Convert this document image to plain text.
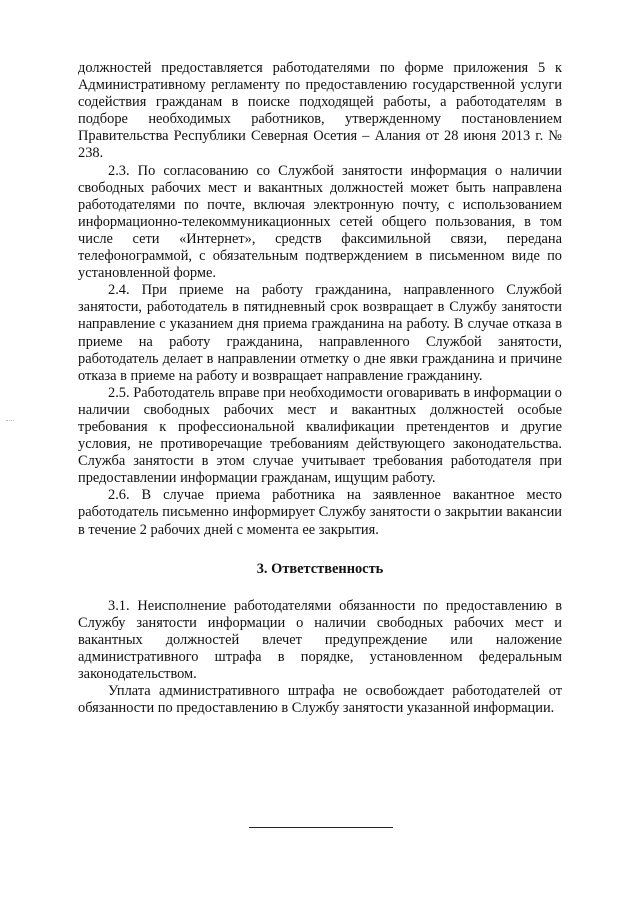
должностей предоставляется работодателями по форме приложения 5 к Административному регламенту по предоставлению государственной услуги содействия гражданам в поиске подходящей работы, а работодателям в подборе необходимых работников, утвержденному постановлением Правительства Республики Северная Осетия – Алания от 28 июня 2013 г. № 238.

2.3. По согласованию со Службой занятости информация о наличии свободных рабочих мест и вакантных должностей может быть направлена работодателями по почте, включая электронную почту, с использованием информационно-телекоммуникационных сетей общего пользования, в том числе сети «Интернет», средств факсимильной связи, передана телефонограммой, с обязательным подтверждением в письменном виде по установленной форме.

2.4. При приеме на работу гражданина, направленного Службой занятости, работодатель в пятидневный срок возвращает в Службу занятости направление с указанием дня приема гражданина на работу. В случае отказа в приеме на работу гражданина, направленного Службой занятости, работодатель делает в направлении отметку о дне явки гражданина и причине отказа в приеме на работу и возвращает направление гражданину.

2.5. Работодатель вправе при необходимости оговаривать в информации о наличии свободных рабочих мест и вакантных должностей особые требования к профессиональной квалификации претендентов и другие условия, не противоречащие требованиям действующего законодательства. Служба занятости в этом случае учитывает требования работодателя при предоставлении информации гражданам, ищущим работу.

2.6. В случае приема работника на заявленное вакантное место работодатель письменно информирует Службу занятости о закрытии вакансии в течение 2 рабочих дней с момента ее закрытия.

3. Ответственность

3.1. Неисполнение работодателями обязанности по предоставлению в Службу занятости информации о наличии свободных рабочих мест и вакантных должностей влечет предупреждение или наложение административного штрафа в порядке, установленном федеральным законодательством.

Уплата административного штрафа не освобождает работодателей от обязанности по предоставлению в Службу занятости указанной информации.
